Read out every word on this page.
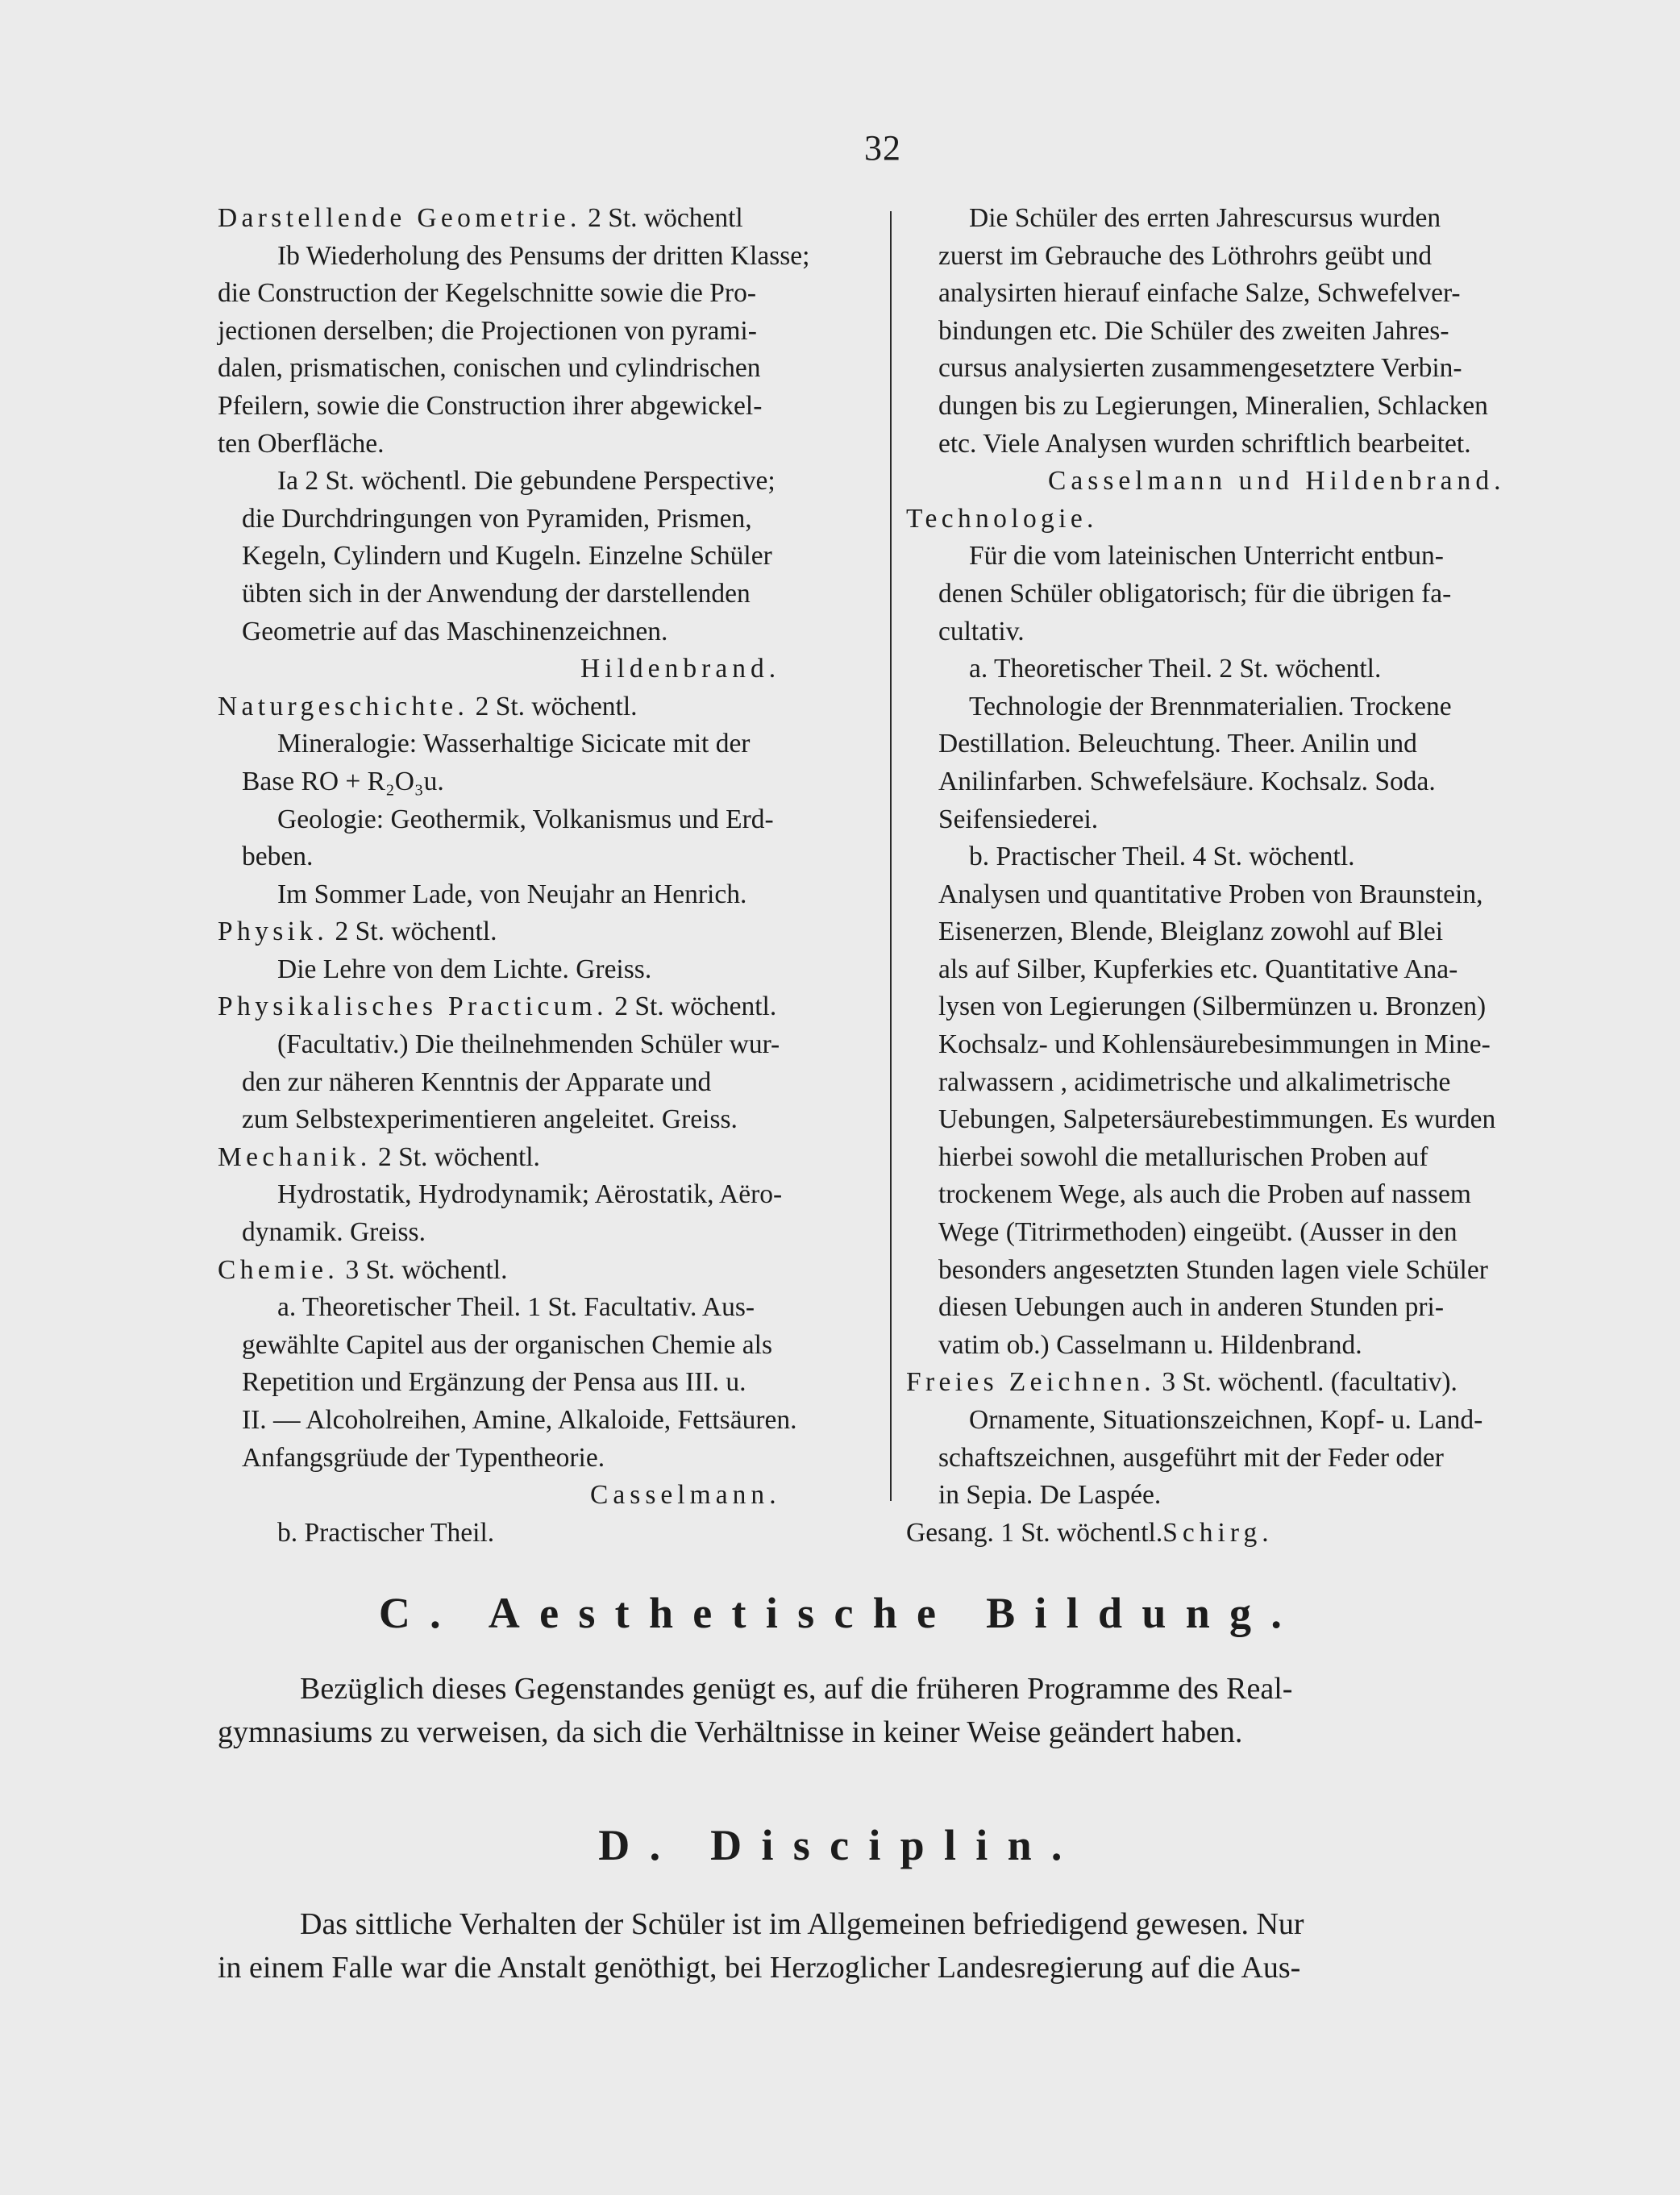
32
Darstellende Geometrie. 2 St. wöchentl
Ib Wiederholung des Pensums der dritten Klasse;
die Construction der Kegelschnitte sowie die Pro-
jectionen derselben; die Projectionen von pyrami-
dalen, prismatischen, conischen und cylindrischen
Pfeilern, sowie die Construction ihrer abgewickel-
ten Oberfläche.
Ia 2 St. wöchentl. Die gebundene Perspective;
die Durchdringungen von Pyramiden, Prismen,
Kegeln, Cylindern und Kugeln. Einzelne Schüler
übten sich in der Anwendung der darstellenden
Geometrie auf das Maschinenzeichnen.
Hildenbrand.
Naturgeschichte. 2 St. wöchentl.
Mineralogie: Wasserhaltige Sicicate mit der
Base RO + R₂O₃u.
Geologie: Geothermik, Volkanismus und Erd-
beben.
Im Sommer Lade, von Neujahr an Henrich.
Physik. 2 St. wöchentl.
Die Lehre von dem Lichte. Greiss.
Physikalisches Practicum. 2 St. wöchentl.
(Facultativ.) Die theilnehmenden Schüler wur-
den zur näheren Kenntnis der Apparate und
zum Selbstexperimentieren angeleitet. Greiss.
Mechanik. 2 St. wöchentl.
Hydrostatik, Hydrodynamik; Aërostatik, Aëro-
dynamik. Greiss.
Chemie. 3 St. wöchentl.
a. Theoretischer Theil. 1 St. Facultativ. Aus-
gewählte Capitel aus der organischen Chemie als
Repetition und Ergänzung der Pensa aus III. u.
II. — Alcoholreihen, Amine, Alkaloide, Fettsäuren.
Anfangsgrüude der Typentheorie.
Casselmann.
b. Practischer Theil.
Die Schüler des errten Jahrescursus wurden
zuerst im Gebrauche des Löthrohrs geübt und
analysirten hierauf einfache Salze, Schwefelver-
bindungen etc. Die Schüler des zweiten Jahres-
cursus analysierten zusammengesetztere Verbin-
dungen bis zu Legierungen, Mineralien, Schlacken
etc. Viele Analysen wurden schriftlich bearbeitet.
Casselmann und Hildenbrand.
Technologie.
Für die vom lateinischen Unterricht entbun-
denen Schüler obligatorisch; für die übrigen fa-
cultativ.
a. Theoretischer Theil. 2 St. wöchentl.
Technologie der Brennmaterialien. Trockene
Destillation. Beleuchtung. Theer. Anilin und
Anilinfarben. Schwefelsäure. Kochsalz. Soda.
Seifensiederei.
b. Practischer Theil. 4 St. wöchentl.
Analysen und quantitative Proben von Braunstein,
Eisenerzen, Blende, Bleiglanz zowohl auf Blei
als auf Silber, Kupferkies etc. Quantitative Ana-
lysen von Legierungen (Silbermünzen u. Bronzen)
Kochsalz- und Kohlensäurebesimmungen in Mine-
ralwassern , acidimetrische und alkalimetrische
Uebungen, Salpetersäurebestimmungen. Es wurden
hierbei sowohl die metallurischen Proben auf
trockenem Wege, als auch die Proben auf nassem
Wege (Titrirmethoden) eingeübt. (Ausser in den
besonders angesetzten Stunden lagen viele Schüler
diesen Uebungen auch in anderen Stunden pri-
vatim ob.) Casselmann u. Hildenbrand.
Freies Zeichnen. 3 St. wöchentl. (facultativ).
Ornamente, Situationszeichnen, Kopf- u. Land-
schaftszeichnen, ausgeführt mit der Feder oder
in Sepia. De Laspée.
Gesang. 1 St. wöchentl.Schirg.
C. Aesthetische Bildung.
Bezüglich dieses Gegenstandes genügt es, auf die früheren Programme des Real-
gymnasiums zu verweisen, da sich die Verhältnisse in keiner Weise geändert haben.
D. Disciplin.
Das sittliche Verhalten der Schüler ist im Allgemeinen befriedigend gewesen. Nur
in einem Falle war die Anstalt genöthigt, bei Herzoglicher Landesregierung auf die Aus-
